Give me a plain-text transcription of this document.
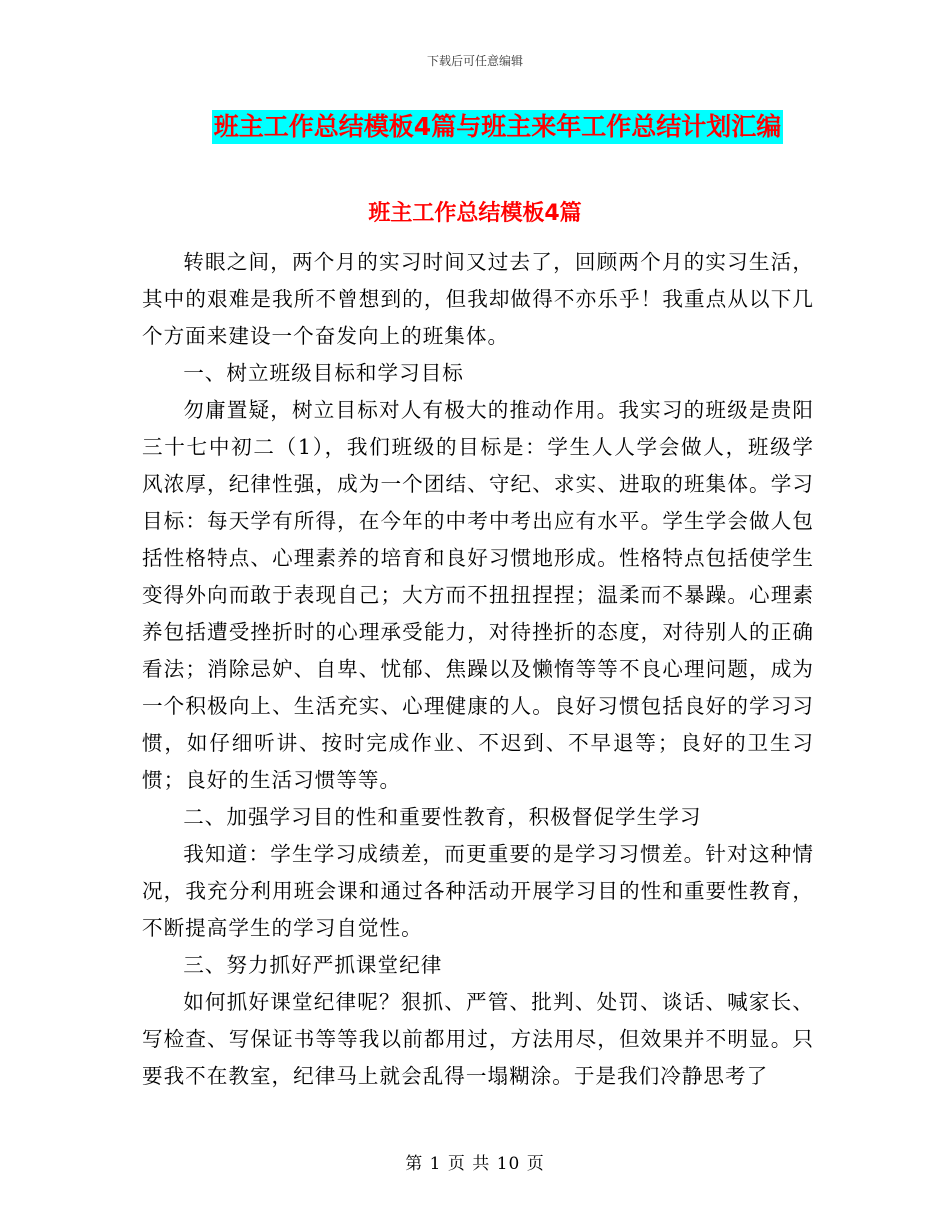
下载后可任意编辑
班主工作总结模板4篇与班主来年工作总结计划汇编
班主工作总结模板4篇

转眼之间，两个月的实习时间又过去了，回顾两个月的实习生活，其中的艰难是我所不曾想到的，但我却做得不亦乐乎！我重点从以下几个方面来建设一个奋发向上的班集体。

一、树立班级目标和学习目标

勿庸置疑，树立目标对人有极大的推动作用。我实习的班级是贵阳三十七中初二（1），我们班级的目标是：学生人人学会做人，班级学风浓厚，纪律性强，成为一个团结、守纪、求实、进取的班集体。学习目标：每天学有所得，在今年的中考中考出应有水平。学生学会做人包括性格特点、心理素养的培育和良好习惯地形成。性格特点包括使学生变得外向而敢于表现自己；大方而不扭扭捏捏；温柔而不暴躁。心理素养包括遭受挫折时的心理承受能力，对待挫折的态度，对待别人的正确看法；消除忌妒、自卑、忧郁、焦躁以及懒惰等等不良心理问题，成为一个积极向上、生活充实、心理健康的人。良好习惯包括良好的学习习惯，如仔细听讲、按时完成作业、不迟到、不早退等；良好的卫生习惯；良好的生活习惯等等。

二、加强学习目的性和重要性教育，积极督促学生学习

我知道：学生学习成绩差，而更重要的是学习习惯差。针对这种情况，我充分利用班会课和通过各种活动开展学习目的性和重要性教育，不断提高学生的学习自觉性。

三、努力抓好严抓课堂纪律

如何抓好课堂纪律呢？狠抓、严管、批判、处罚、谈话、喊家长、写检查、写保证书等等我以前都用过，方法用尽，但效果并不明显。只要我不在教室，纪律马上就会乱得一塌糊涂。于是我们冷静思考了

第 1 页 共 10 页
